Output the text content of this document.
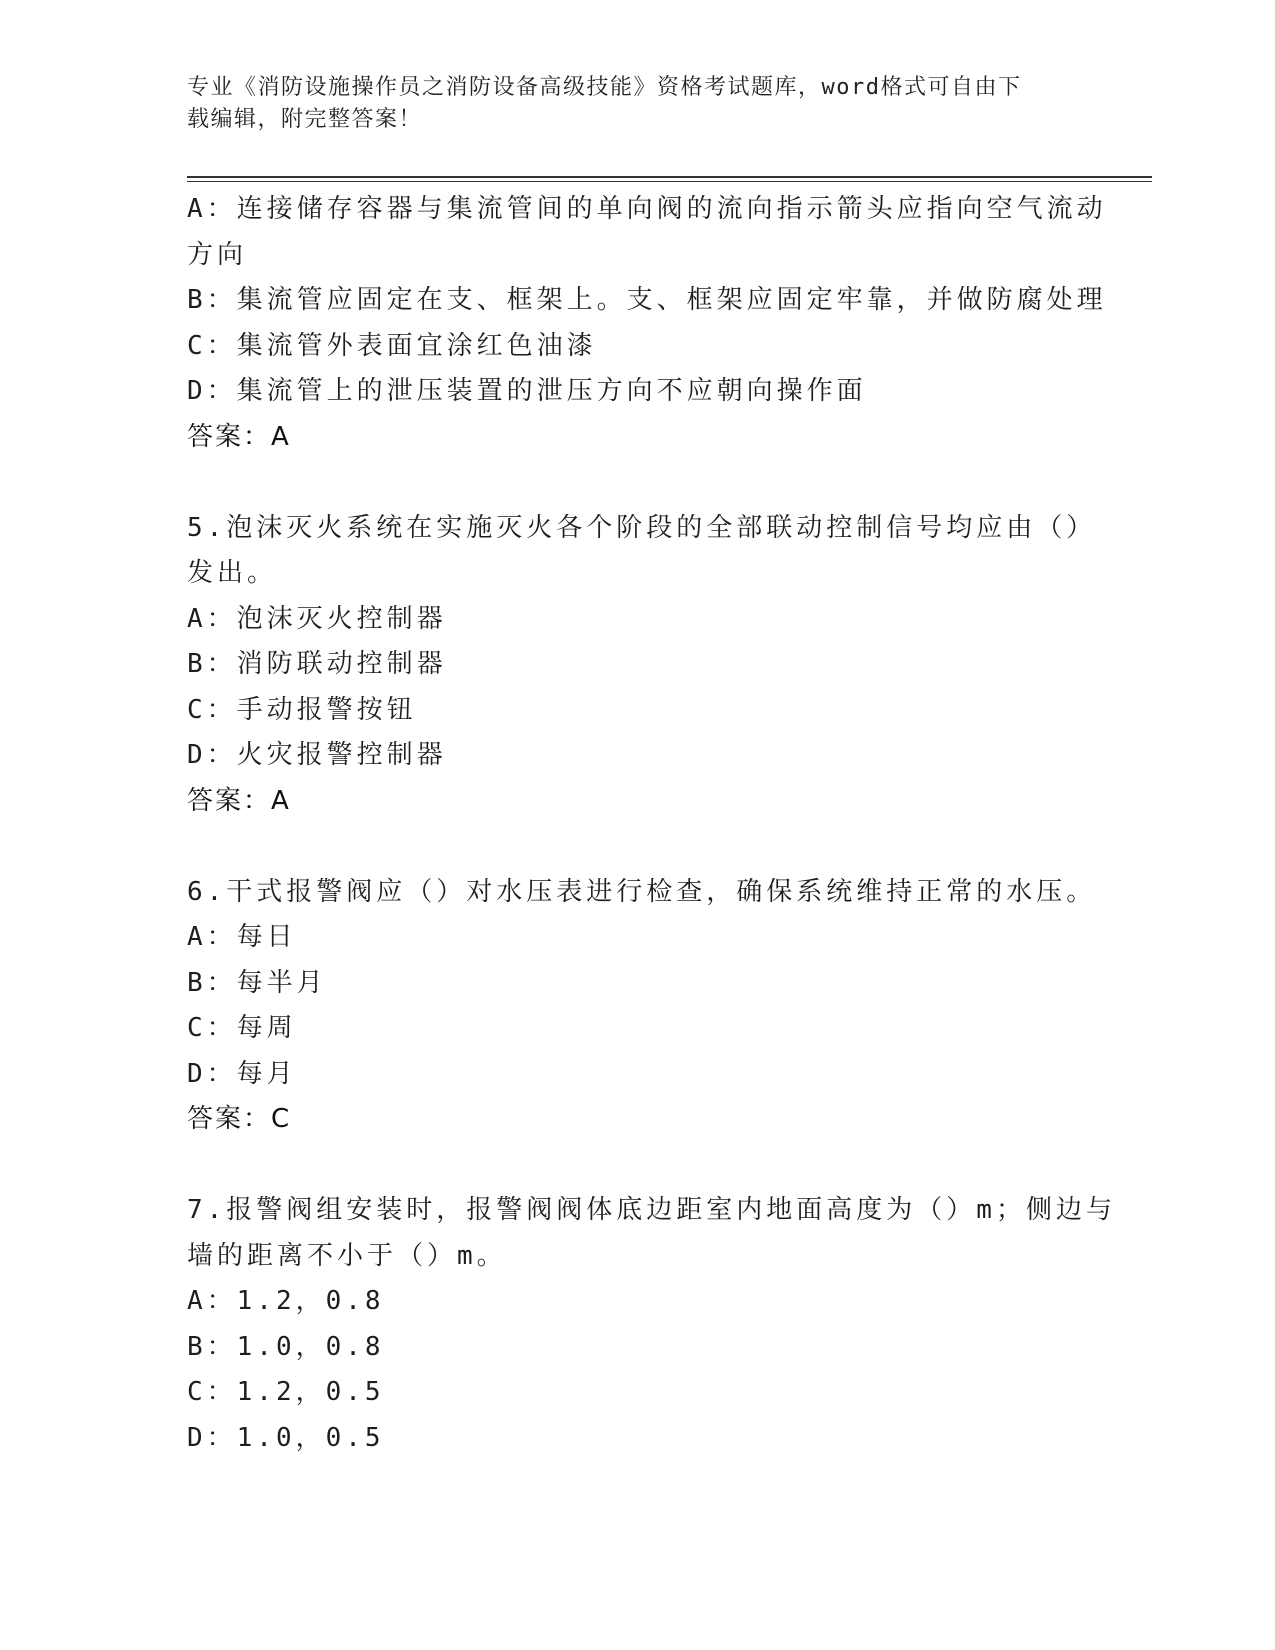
专业《消防设施操作员之消防设备高级技能》资格考试题库，word格式可自由下
载编辑，附完整答案！
A：连接储存容器与集流管间的单向阀的流向指示箭头应指向空气流动
方向
B：集流管应固定在支、框架上。支、框架应固定牢靠，并做防腐处理
C：集流管外表面宜涂红色油漆
D：集流管上的泄压装置的泄压方向不应朝向操作面
答案：A
5.泡沫灭火系统在实施灭火各个阶段的全部联动控制信号均应由（）
发出。
A：泡沫灭火控制器
B：消防联动控制器
C：手动报警按钮
D：火灾报警控制器
答案：A
6.干式报警阀应（）对水压表进行检查，确保系统维持正常的水压。
A：每日
B：每半月
C：每周
D：每月
答案：C
7.报警阀组安装时，报警阀阀体底边距室内地面高度为（）m；侧边与
墙的距离不小于（）m。
A：1.2，0.8
B：1.0，0.8
C：1.2，0.5
D：1.0，0.5
